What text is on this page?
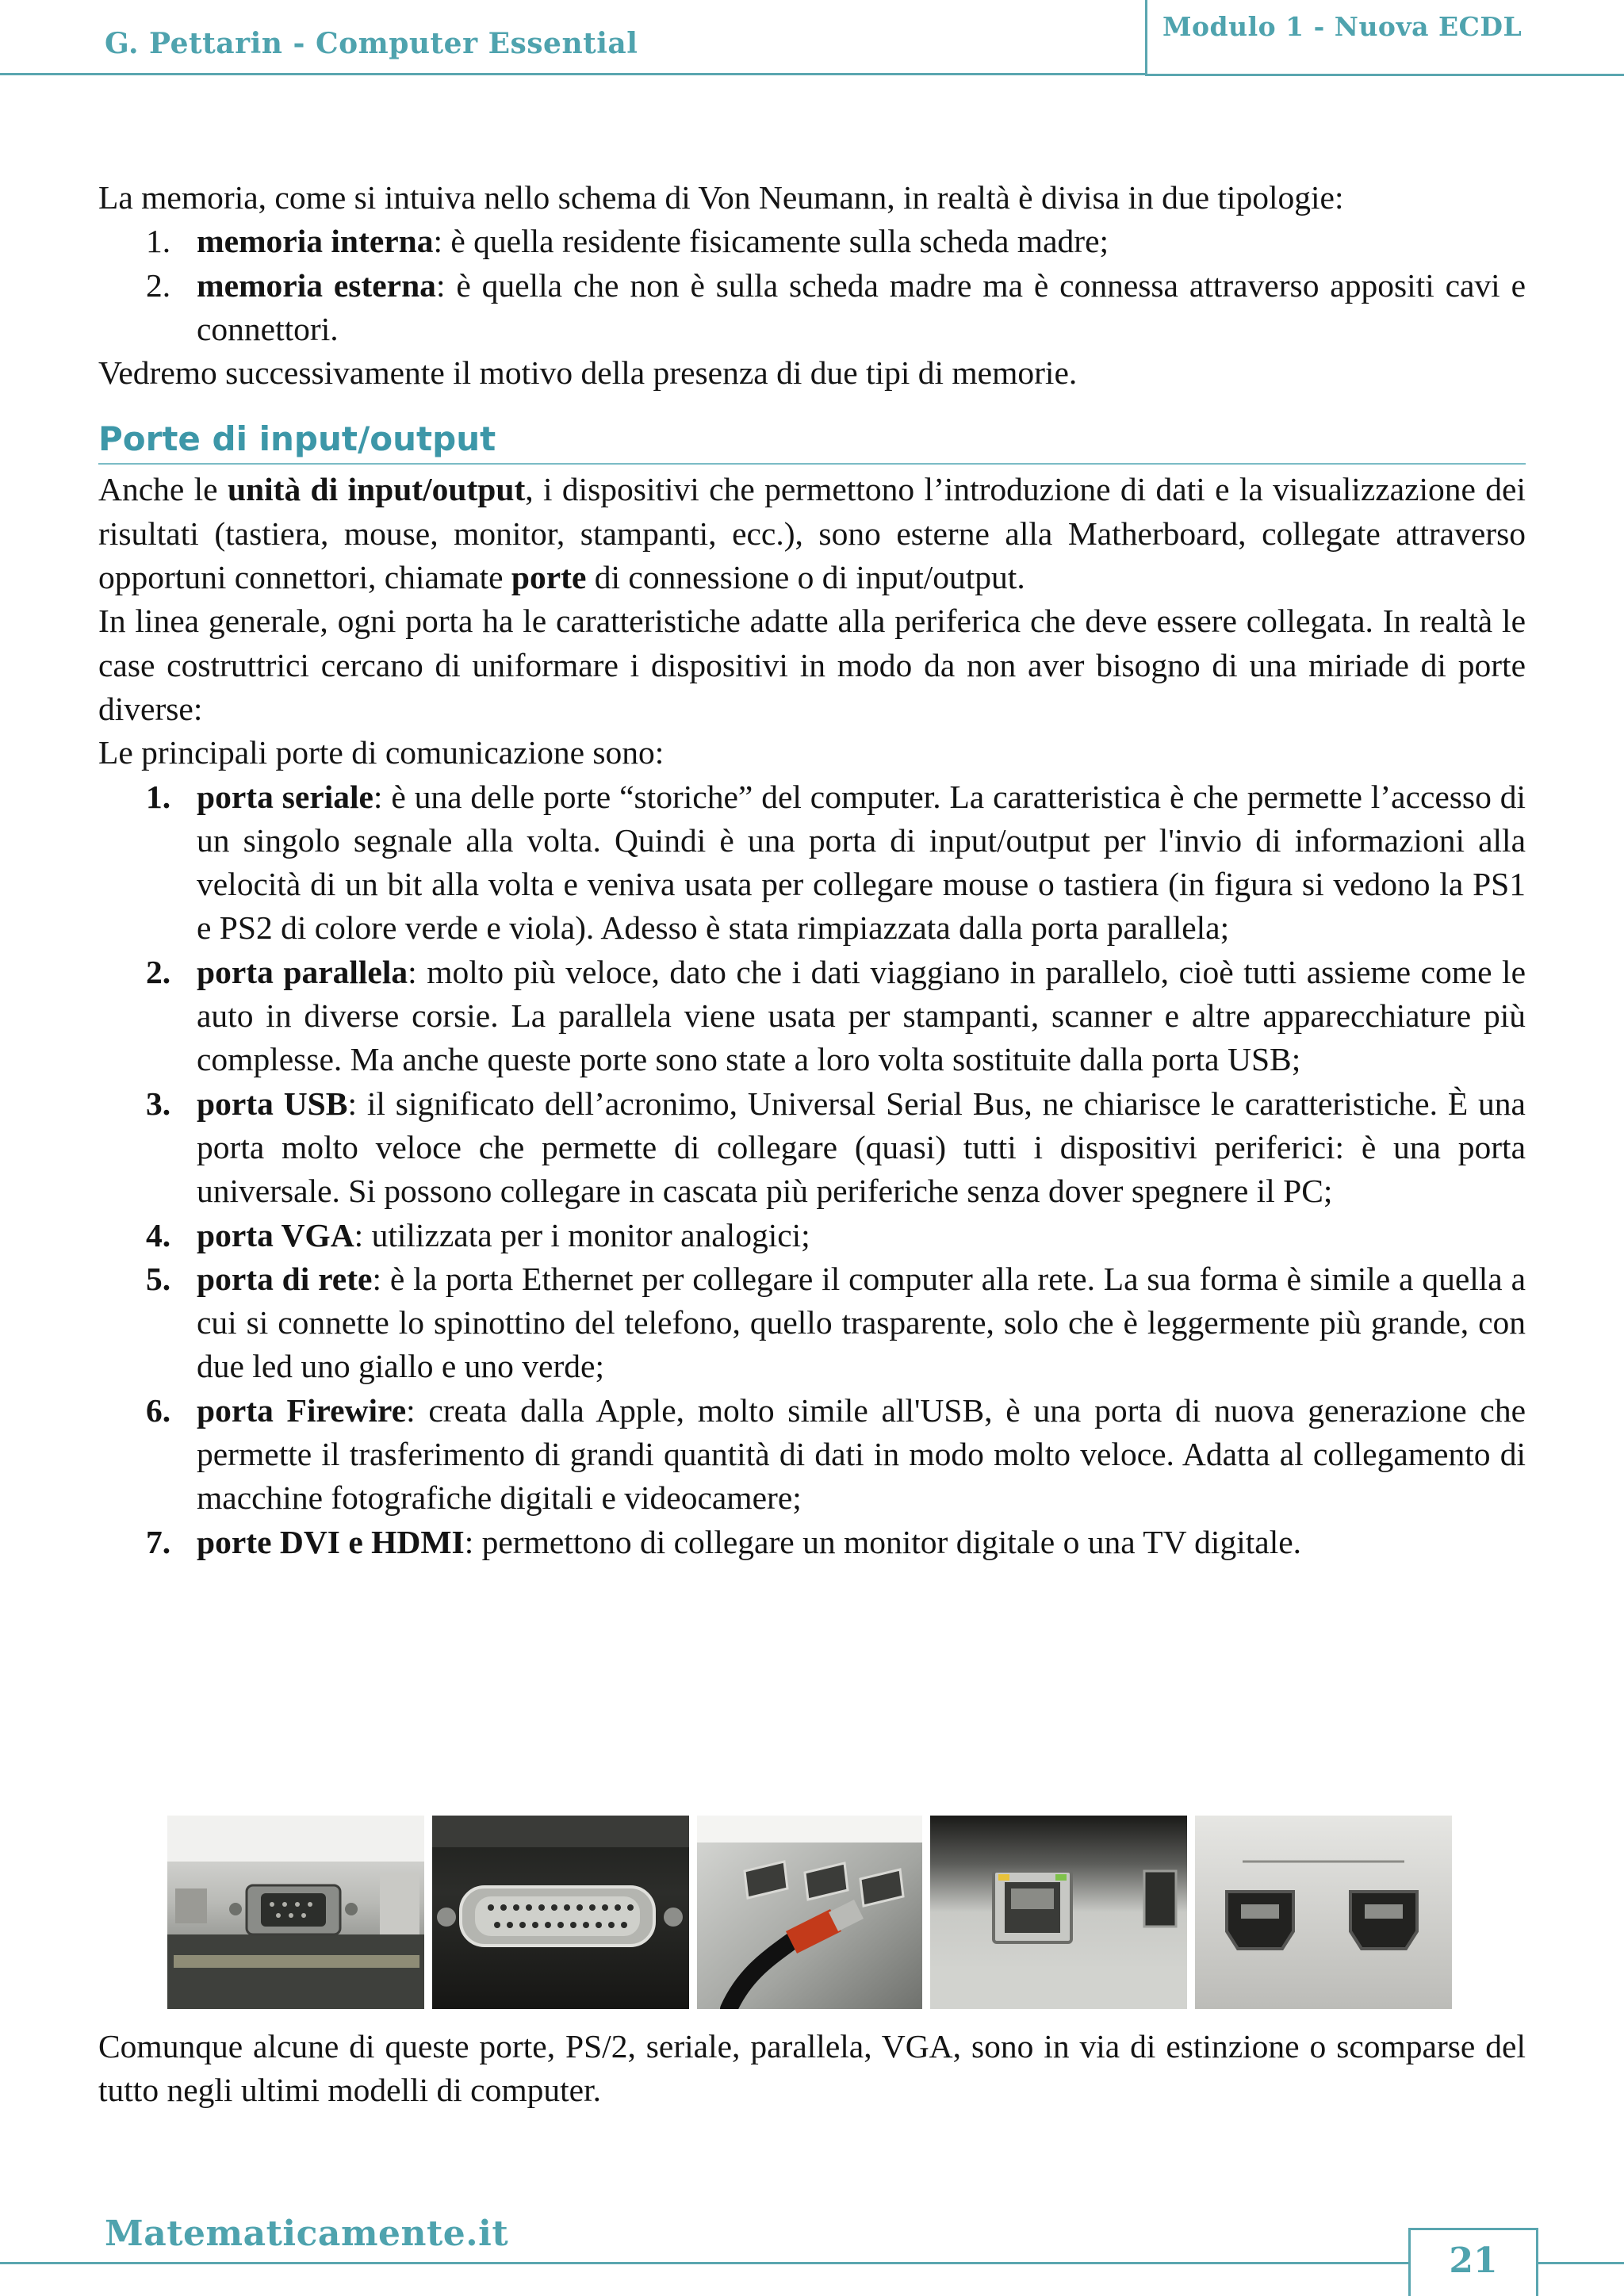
G. Pettarin - Computer Essential
Modulo 1 - Nuova ECDL

La memoria, come si intuiva nello schema di Von Neumann, in realtà è divisa in due tipologie:

1. memoria interna: è quella residente fisicamente sulla scheda madre;
2. memoria esterna: è quella che non è sulla scheda madre ma è connessa attraverso appositi cavi e connettori.

Vedremo successivamente il motivo della presenza di due tipi di memorie.

Porte di input/output

Anche le unità di input/output, i dispositivi che permettono l’introduzione di dati e la visualizzazione dei risultati (tastiera, mouse, monitor, stampanti, ecc.), sono esterne alla Matherboard, collegate attraverso opportuni connettori, chiamate porte di connessione o di input/output.

In linea generale, ogni porta ha le caratteristiche adatte alla periferica che deve essere collegata. In realtà le case costruttrici cercano di uniformare i dispositivi in modo da non aver bisogno di una miriade di porte diverse:

Le principali porte di comunicazione sono:

1. porta seriale: è una delle porte “storiche” del computer. La caratteristica è che permette l’accesso di un singolo segnale alla volta. Quindi è una porta di input/output per l'invio di informazioni alla velocità di un bit alla volta e veniva usata per collegare mouse o tastiera (in figura si vedono la PS1 e PS2 di colore verde e viola). Adesso è stata rimpiazzata dalla porta parallela;
2. porta parallela: molto più veloce, dato che i dati viaggiano in parallelo, cioè tutti assieme come le auto in diverse corsie. La parallela viene usata per stampanti, scanner e altre apparecchiature più complesse. Ma anche queste porte sono state a loro volta sostituite dalla porta USB;
3. porta USB: il significato dell’acronimo, Universal Serial Bus, ne chiarisce le caratteristiche. È una porta molto veloce che permette di collegare (quasi) tutti i dispositivi periferici: è una porta universale. Si possono collegare in cascata più periferiche senza dover spegnere il PC;
4. porta VGA: utilizzata per i monitor analogici;
5. porta di rete: è la porta Ethernet per collegare il computer alla rete. La sua forma è simile a quella a cui si connette lo spinottino del telefono, quello trasparente, solo che è leggermente più grande, con due led uno giallo e uno verde;
6. porta Firewire: creata dalla Apple, molto simile all'USB, è una porta di nuova generazione che permette il trasferimento di grandi quantità di dati in modo molto veloce. Adatta al collegamento di macchine fotografiche digitali e videocamere;
7. porte DVI e HDMI: permettono di collegare un monitor digitale o una TV digitale.

Comunque alcune di queste porte, PS/2, seriale, parallela, VGA, sono in via di estinzione o scomparse del tutto negli ultimi modelli di computer.

Matematicamente.it
21
